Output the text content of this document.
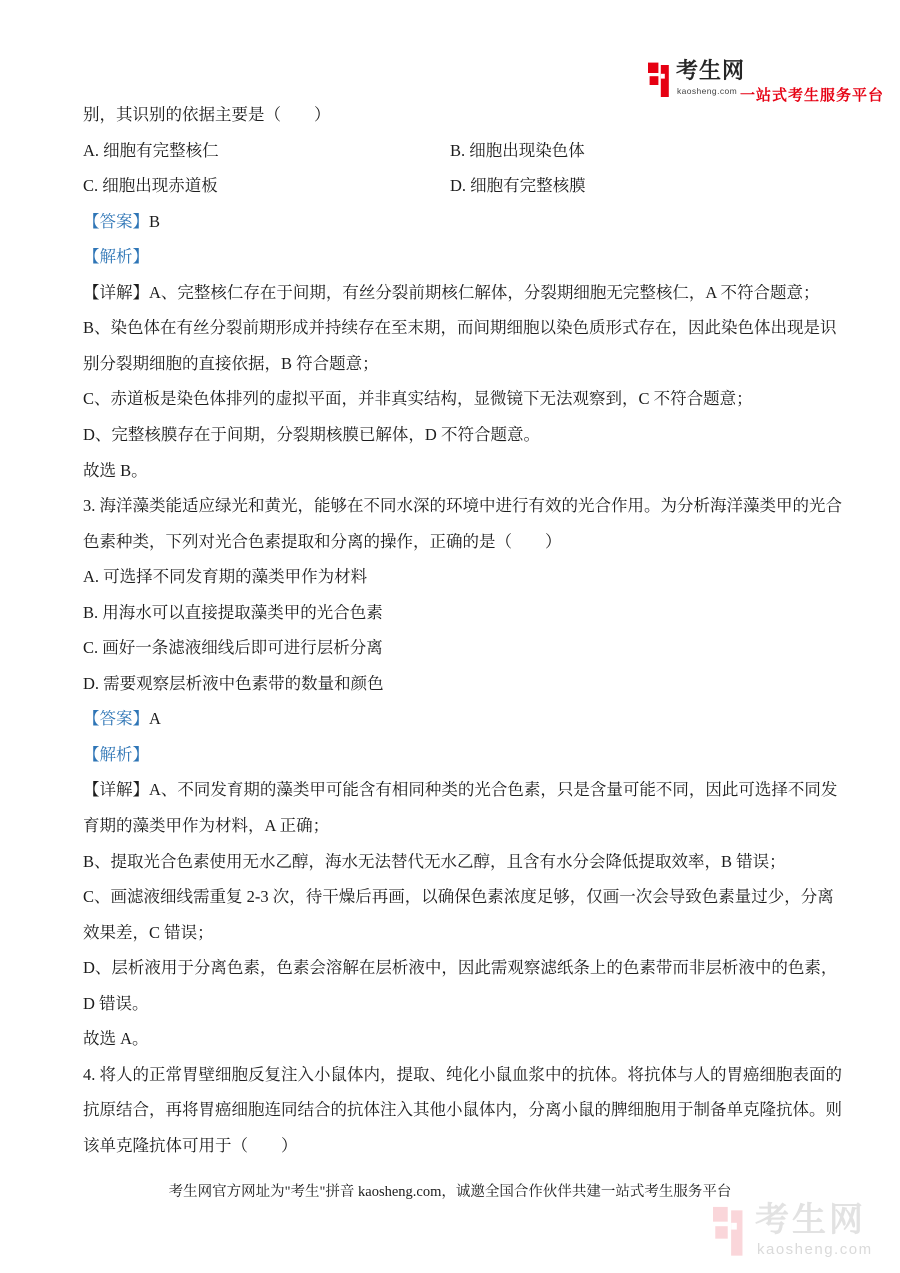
考生网
kaosheng.com 一站式考生服务平台
别，其识别的依据主要是（　　）
A. 细胞有完整核仁	B. 细胞出现染色体
C. 细胞出现赤道板	D. 细胞有完整核膜
【答案】B
【解析】
【详解】A、完整核仁存在于间期，有丝分裂前期核仁解体，分裂期细胞无完整核仁，A 不符合题意；
B、染色体在有丝分裂前期形成并持续存在至末期，而间期细胞以染色质形式存在，因此染色体出现是识
别分裂期细胞的直接依据，B 符合题意；
C、赤道板是染色体排列的虚拟平面，并非真实结构，显微镜下无法观察到，C 不符合题意；
D、完整核膜存在于间期，分裂期核膜已解体，D 不符合题意。
故选 B。
3. 海洋藻类能适应绿光和黄光，能够在不同水深的环境中进行有效的光合作用。为分析海洋藻类甲的光合
色素种类，下列对光合色素提取和分离的操作，正确的是（　　）
A. 可选择不同发育期的藻类甲作为材料
B. 用海水可以直接提取藻类甲的光合色素
C. 画好一条滤液细线后即可进行层析分离
D. 需要观察层析液中色素带的数量和颜色
【答案】A
【解析】
【详解】A、不同发育期的藻类甲可能含有相同种类的光合色素，只是含量可能不同，因此可选择不同发
育期的藻类甲作为材料，A 正确；
B、提取光合色素使用无水乙醇，海水无法替代无水乙醇，且含有水分会降低提取效率，B 错误；
C、画滤液细线需重复 2-3 次，待干燥后再画，以确保色素浓度足够，仅画一次会导致色素量过少，分离
效果差，C 错误；
D、层析液用于分离色素，色素会溶解在层析液中，因此需观察滤纸条上的色素带而非层析液中的色素，
D 错误。
故选 A。
4. 将人的正常胃壁细胞反复注入小鼠体内，提取、纯化小鼠血浆中的抗体。将抗体与人的胃癌细胞表面的
抗原结合，再将胃癌细胞连同结合的抗体注入其他小鼠体内，分离小鼠的脾细胞用于制备单克隆抗体。则
该单克隆抗体可用于（　　）
考生网官方网址为"考生"拼音 kaosheng.com，诚邀全国合作伙伴共建一站式考生服务平台
考生网
kaosheng.com
